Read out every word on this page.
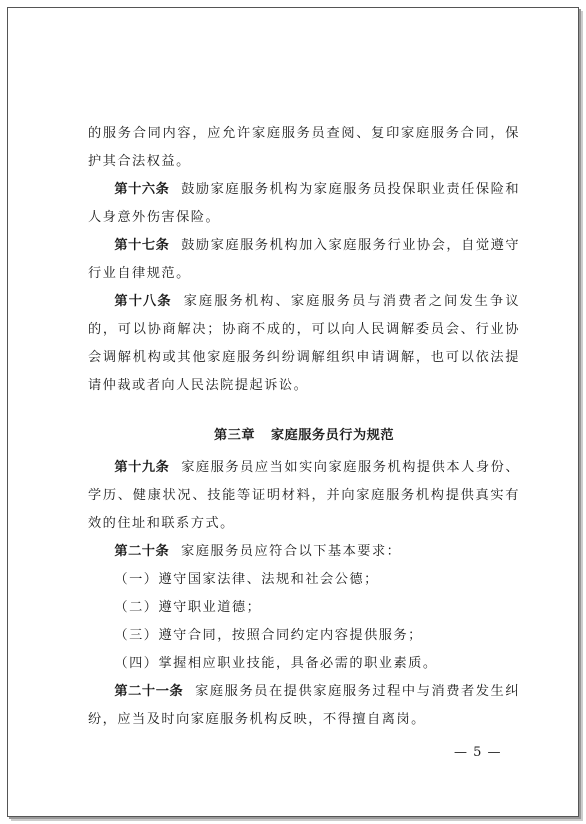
的服务合同内容，应允许家庭服务员查阅、复印家庭服务合同，保护其合法权益。

第十六条 鼓励家庭服务机构为家庭服务员投保职业责任保险和人身意外伤害保险。

第十七条 鼓励家庭服务机构加入家庭服务行业协会，自觉遵守行业自律规范。

第十八条 家庭服务机构、家庭服务员与消费者之间发生争议的，可以协商解决；协商不成的，可以向人民调解委员会、行业协会调解机构或其他家庭服务纠纷调解组织申请调解，也可以依法提请仲裁或者向人民法院提起诉讼。

第三章 家庭服务员行为规范

第十九条 家庭服务员应当如实向家庭服务机构提供本人身份、学历、健康状况、技能等证明材料，并向家庭服务机构提供真实有效的住址和联系方式。

第二十条 家庭服务员应符合以下基本要求：

（一）遵守国家法律、法规和社会公德；

（二）遵守职业道德；

（三）遵守合同，按照合同约定内容提供服务；

（四）掌握相应职业技能，具备必需的职业素质。

第二十一条 家庭服务员在提供家庭服务过程中与消费者发生纠纷，应当及时向家庭服务机构反映，不得擅自离岗。

— 5 —
